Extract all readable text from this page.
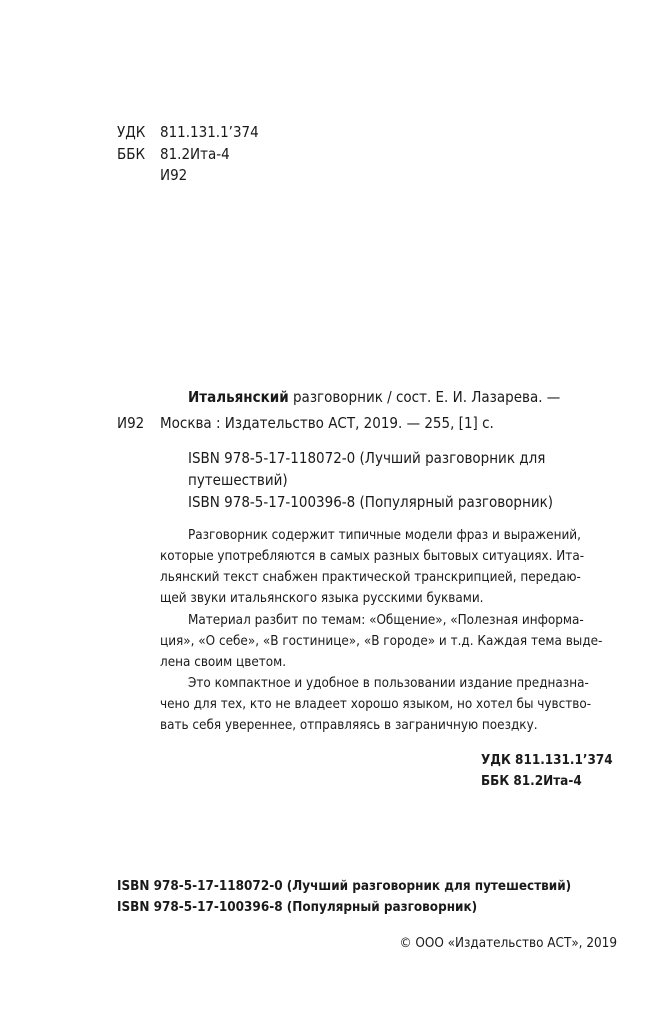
УДК 811.131.1’374
ББК 81.2Ита-4
И92
Итальянский разговорник / сост. Е. И. Лазарева. —
И92 Москва : Издательство АСТ, 2019. — 255, [1] с.
ISBN 978-5-17-118072-0 (Лучший разговорник для
путешествий)
ISBN 978-5-17-100396-8 (Популярный разговорник)
Разговорник содержит типичные модели фраз и выражений,
которые употребляются в самых разных бытовых ситуациях. Ита-
льянский текст снабжен практической транскрипцией, передаю-
щей звуки итальянского языка русскими буквами.
Материал разбит по темам: «Общение», «Полезная информа-
ция», «О себе», «В гостинице», «В городе» и т.д. Каждая тема выде-
лена своим цветом.
Это компактное и удобное в пользовании издание предназна-
чено для тех, кто не владеет хорошо языком, но хотел бы чувство-
вать себя увереннее, отправляясь в заграничную поездку.
УДК 811.131.1’374
ББК 81.2Ита-4
ISBN 978-5-17-118072-0 (Лучший разговорник для путешествий)
ISBN 978-5-17-100396-8 (Популярный разговорник)
© ООО «Издательство АСТ», 2019
